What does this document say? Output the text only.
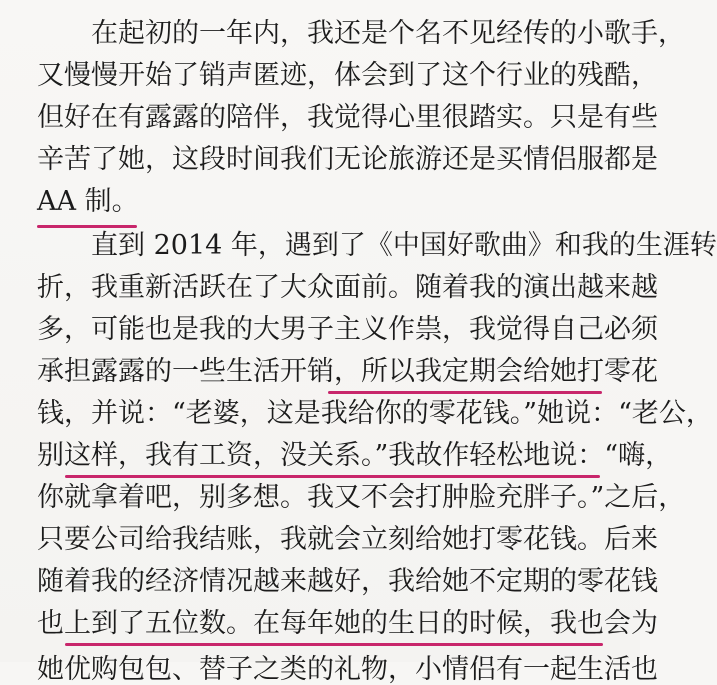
　　在起初的一年内，我还是个名不见经传的小歌手，
又慢慢开始了销声匿迹，体会到了这个行业的残酷，
但好在有露露的陪伴，我觉得心里很踏实。只是有些
辛苦了她，这段时间我们无论旅游还是买情侣服都是
AA 制。
　　直到 2014 年，遇到了《中国好歌曲》和我的生涯转
折，我重新活跃在了大众面前。随着我的演出越来越
多，可能也是我的大男子主义作祟，我觉得自己必须
承担露露的一些生活开销，所以我定期会给她打零花
钱，并说：“老婆，这是我给你的零花钱。”她说：“老公，
别这样，我有工资，没关系。”我故作轻松地说：“嗨，
你就拿着吧，别多想。我又不会打肿脸充胖子。”之后，
只要公司给我结账，我就会立刻给她打零花钱。后来
随着我的经济情况越来越好，我给她不定期的零花钱
也上到了五位数。在每年她的生日的时候，我也会为
她优购包包、替子之类的礼物，小情侣有一起生活也
